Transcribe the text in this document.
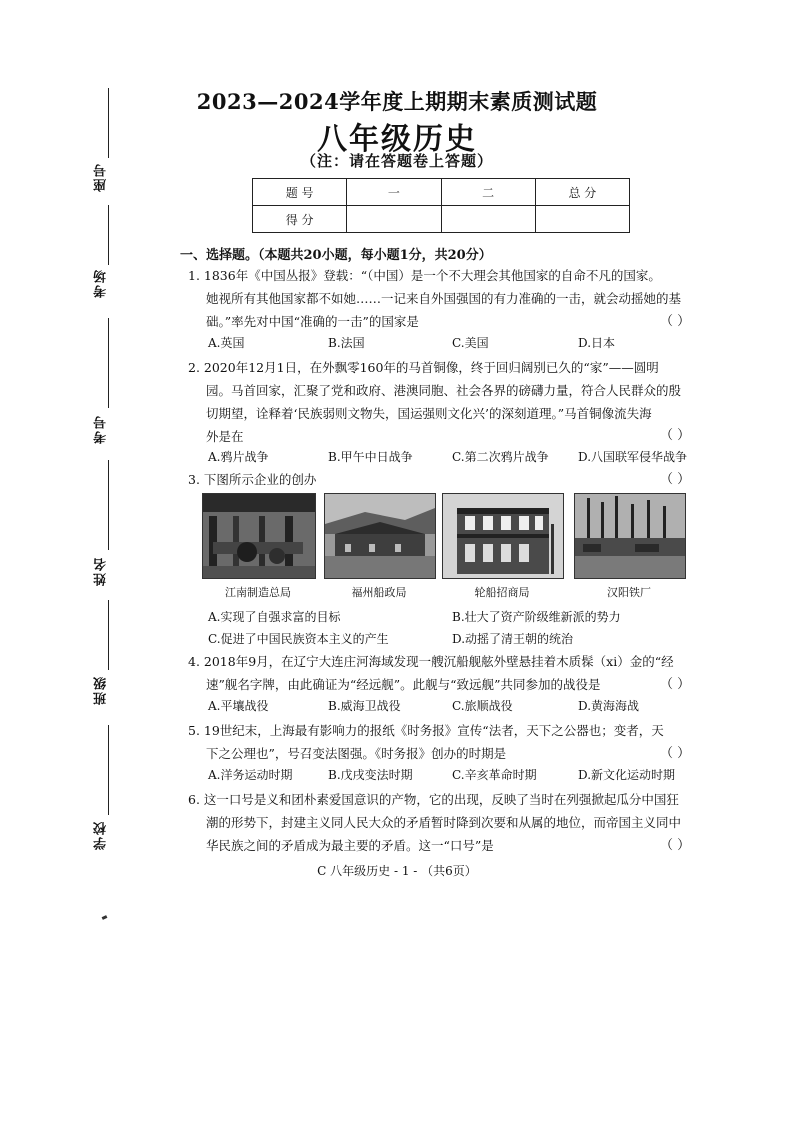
座号
考场
考号
姓名
班级
学校
2023—2024学年度上期期末素质测试题
八年级历史
（注：请在答题卷上答题）
题 号	一	二	总 分
得 分			
一、选择题。（本题共20小题，每小题1分，共20分）

1. 1836年《中国丛报》登载：“（中国）是一个不大理会其他国家的自命不凡的国家。

她视所有其他国家都不如她……一记来自外国强国的有力准确的一击，就会动摇她的基

础。”率先对中国“准确的一击”的国家是	（ ）
A.英国	B.法国	C.美国	D.日本

2. 2020年12月1日，在外飘零160年的马首铜像，终于回归阔别已久的“家”——圆明

园。马首回家，汇聚了党和政府、港澳同胞、社会各界的磅礴力量，符合人民群众的殷

切期望，诠释着‘民族弱则文物失，国运强则文化兴’的深刻道理。”马首铜像流失海

外是在	（ ）
A.鸦片战争	B.甲午中日战争	C.第二次鸦片战争 D.八国联军侵华战争

3. 下图所示企业的创办	（ ）
江南制造总局	福州船政局	轮船招商局	汉阳铁厂
A.实现了自强求富的目标	B.壮大了资产阶级维新派的势力
C.促进了中国民族资本主义的产生	D.动摇了清王朝的统治

4. 2018年9月，在辽宁大连庄河海域发现一艘沉船舰舷外壁悬挂着木质髹（xi）金的“经

速”舰名字牌，由此确证为“经远舰”。此舰与“致远舰”共同参加的战役是	（ ）
A.平壤战役	B.威海卫战役	C.旅顺战役	D.黄海海战

5. 19世纪末，上海最有影响力的报纸《时务报》宣传“法者，天下之公器也；变者，天

下之公理也”，号召变法图强。《时务报》创办的时期是	（ ）
A.洋务运动时期	B.戊戌变法时期	C.辛亥革命时期	D.新文化运动时期

6. 这一口号是义和团朴素爱国意识的产物，它的出现，反映了当时在列强掀起瓜分中国狂

潮的形势下，封建主义同人民大众的矛盾暂时降到次要和从属的地位，而帝国主义同中

华民族之间的矛盾成为最主要的矛盾。这一“口号”是	（ ）
C 八年级历史 - 1 - （共6页）
